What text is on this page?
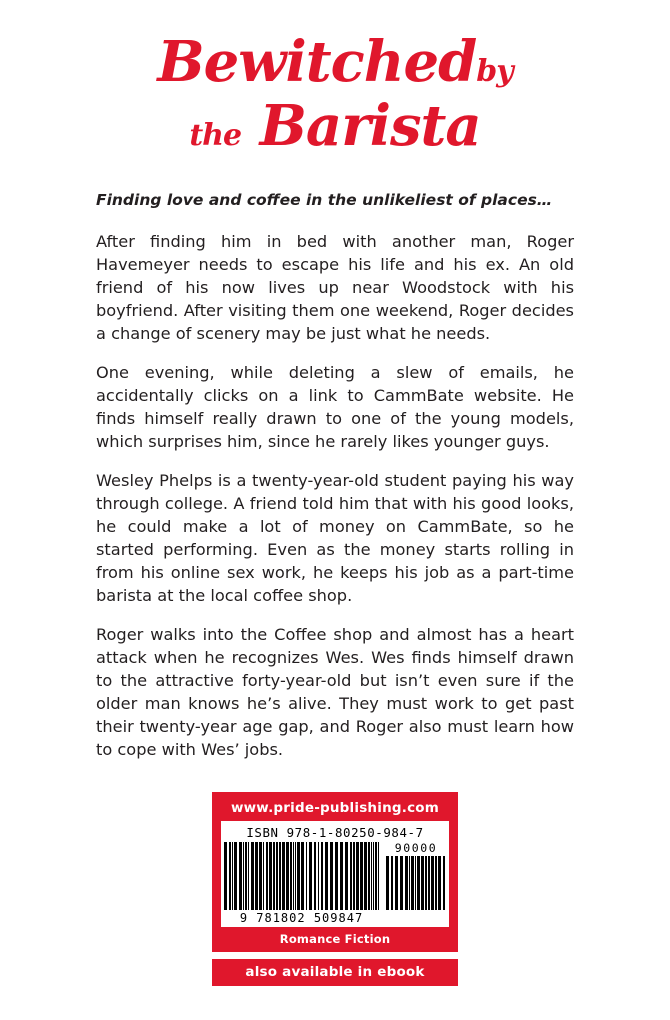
Bewitchedby
the Barista
Finding love and coffee in the unlikeliest of places…

After finding him in bed with another man, Roger Havemeyer needs to escape his life and his ex. An old friend of his now lives up near Woodstock with his boyfriend. After visiting them one weekend, Roger decides a change of scenery may be just what he needs.

One evening, while deleting a slew of emails, he accidentally clicks on a link to CammBate website. He finds himself really drawn to one of the young models, which surprises him, since he rarely likes younger guys.

Wesley Phelps is a twenty-year-old student paying his way through college. A friend told him that with his good looks, he could make a lot of money on CammBate, so he started performing. Even as the money starts rolling in from his online sex work, he keeps his job as a part-time barista at the local coffee shop.

Roger walks into the Coffee shop and almost has a heart attack when he recognizes Wes. Wes finds himself drawn to the attractive forty-year-old but isn’t even sure if the older man knows he’s alive. They must work to get past their twenty-year age gap, and Roger also must learn how to cope with Wes’ jobs.

www.pride-publishing.com
ISBN 978-1-80250-984-7
9 781802 509847
90000
Romance Fiction
also available in ebook
